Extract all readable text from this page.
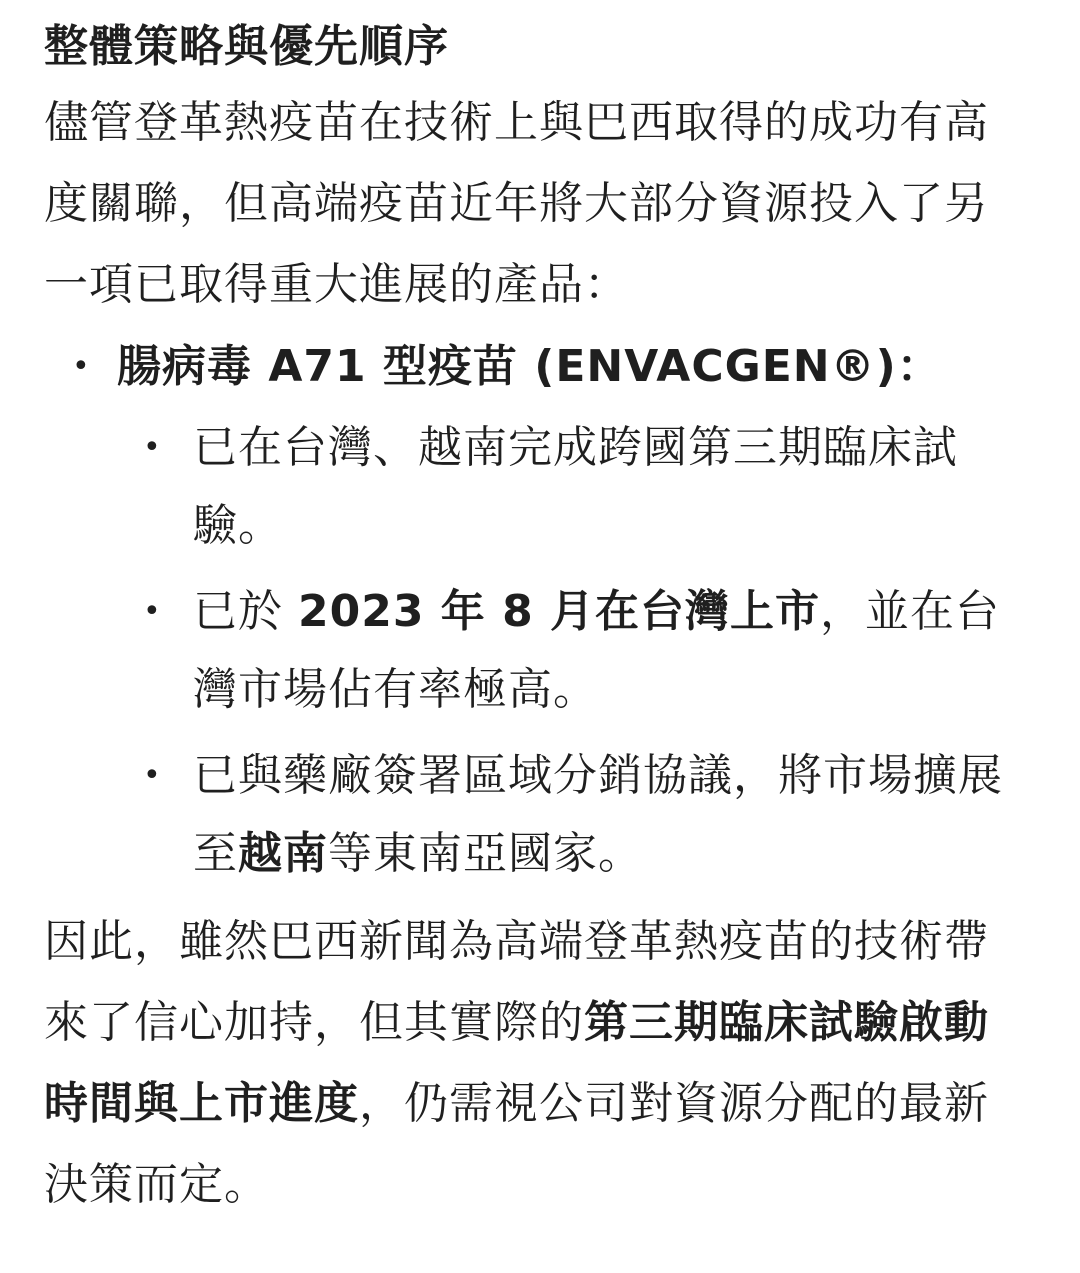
整體策略與優先順序

儘管登革熱疫苗在技術上與巴西取得的成功有高度關聯，但高端疫苗近年將大部分資源投入了另一項已取得重大進展的產品：

• 腸病毒 A71 型疫苗 (ENVACGEN®)：
• 已在台灣、越南完成跨國第三期臨床試驗。
• 已於 2023 年 8 月在台灣上市，並在台灣市場佔有率極高。
• 已與藥廠簽署區域分銷協議，將市場擴展至越南等東南亞國家。

因此，雖然巴西新聞為高端登革熱疫苗的技術帶來了信心加持，但其實際的第三期臨床試驗啟動時間與上市進度，仍需視公司對資源分配的最新決策而定。
